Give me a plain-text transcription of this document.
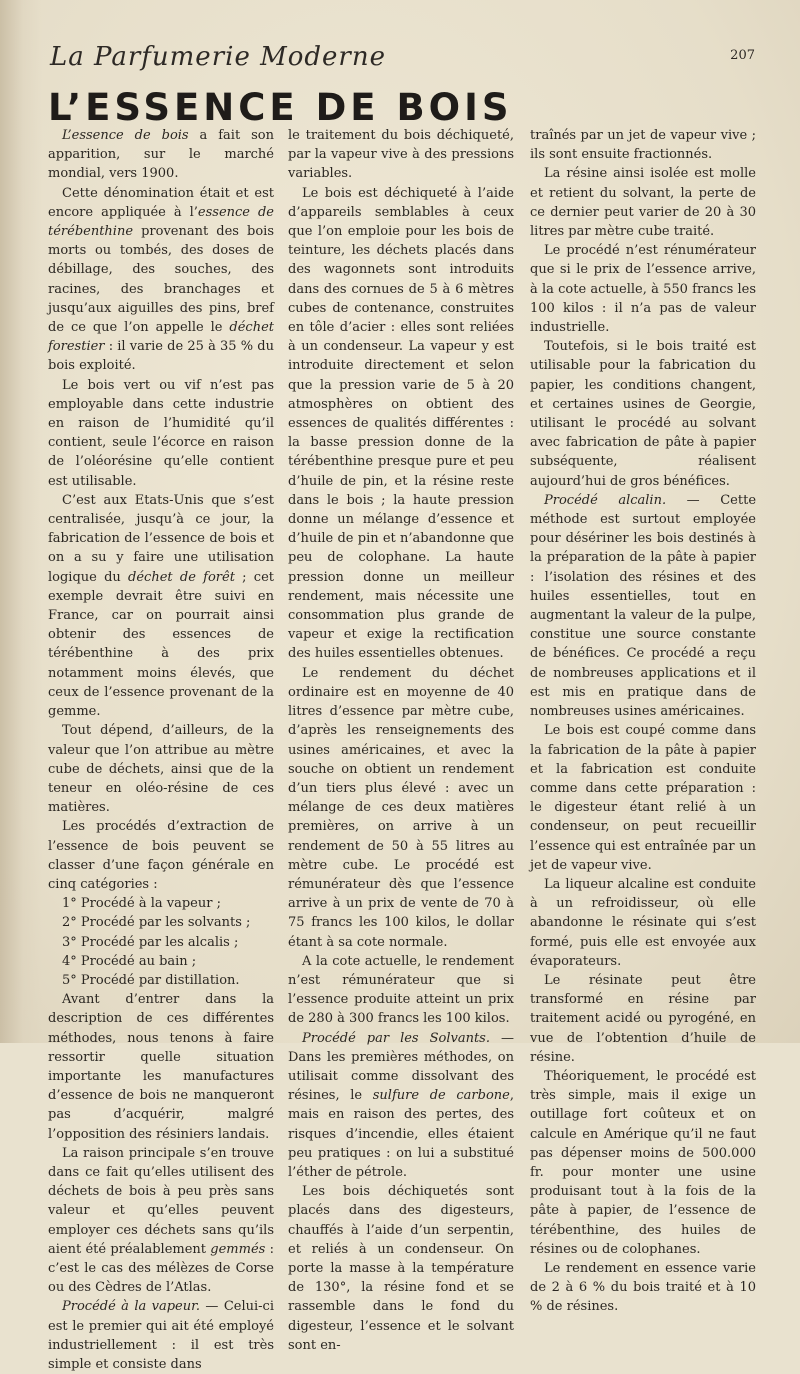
La Parfumerie Moderne	207
L’ESSENCE DE BOIS

L’essence de bois a fait son apparition, sur le marché mondial, vers 1900.

Cette dénomination était et est encore appliquée à l’essence de térébenthine provenant des bois morts ou tombés, des doses de débillage, des souches, des racines, des branchages et jusqu’aux aiguilles des pins, bref de ce que l’on appelle le déchet forestier : il varie de 25 à 35 % du bois exploité.

Le bois vert ou vif n’est pas employable dans cette industrie en raison de l’humidité qu’il contient, seule l’écorce en raison de l’oléorésine qu’elle contient est utilisable.

C’est aux Etats-Unis que s’est centralisée, jusqu’à ce jour, la fabrication de l’essence de bois et on a su y faire une utilisation logique du déchet de forêt ; cet exemple devrait être suivi en France, car on pourrait ainsi obtenir des essences de térébenthine à des prix notamment moins élevés, que ceux de l’essence provenant de la gemme.

Tout dépend, d’ailleurs, de la valeur que l’on attribue au mètre cube de déchets, ainsi que de la teneur en oléo-résine de ces matières.

Les procédés d’extraction de l’essence de bois peuvent se classer d’une façon générale en cinq catégories :

1° Procédé à la vapeur ;

2° Procédé par les solvants ;

3° Procédé par les alcalis ;

4° Procédé au bain ;

5° Procédé par distillation.

Avant d’entrer dans la description de ces différentes méthodes, nous tenons à faire ressortir quelle situation importante les manufactures d’essence de bois ne manqueront pas d’acquérir, malgré l’opposition des résiniers landais.

La raison principale s’en trouve dans ce fait qu’elles utilisent des déchets de bois à peu près sans valeur et qu’elles peuvent employer ces déchets sans qu’ils aient été préalablement gemmés : c’est le cas des mélèzes de Corse ou des Cèdres de l’Atlas.

Procédé à la vapeur. — Celui-ci est le premier qui ait été employé industriellement : il est très simple et consiste dans

le traitement du bois déchiqueté, par la vapeur vive à des pressions variables.

Le bois est déchiqueté à l’aide d’appareils semblables à ceux que l’on emploie pour les bois de teinture, les déchets placés dans des wagonnets sont introduits dans des cornues de 5 à 6 mètres cubes de contenance, construites en tôle d’acier : elles sont reliées à un condenseur. La vapeur y est introduite directement et selon que la pression varie de 5 à 20 atmosphères on obtient des essences de qualités différentes : la basse pression donne de la térébenthine presque pure et peu d’huile de pin, et la résine reste dans le bois ; la haute pression donne un mélange d’essence et d’huile de pin et n’abandonne que peu de colophane. La haute pression donne un meilleur rendement, mais nécessite une consommation plus grande de vapeur et exige la rectification des huiles essentielles obtenues.

Le rendement du déchet ordinaire est en moyenne de 40 litres d’essence par mètre cube, d’après les renseignements des usines américaines, et avec la souche on obtient un rendement d’un tiers plus élevé : avec un mélange de ces deux matières premières, on arrive à un rendement de 50 à 55 litres au mètre cube. Le procédé est rémunérateur dès que l’essence arrive à un prix de vente de 70 à 75 francs les 100 kilos, le dollar étant à sa cote normale.

A la cote actuelle, le rendement n’est rémunérateur que si l’essence produite atteint un prix de 280 à 300 francs les 100 kilos.

Procédé par les Solvants. — Dans les premières méthodes, on utilisait comme dissolvant des résines, le sulfure de carbone, mais en raison des pertes, des risques d’incendie, elles étaient peu pratiques : on lui a substitué l’éther de pétrole.

Les bois déchiquetés sont placés dans des digesteurs, chauffés à l’aide d’un serpentin, et reliés à un condenseur. On porte la masse à la température de 130°, la résine fond et se rassemble dans le fond du digesteur, l’essence et le solvant sont en-

traînés par un jet de vapeur vive ; ils sont ensuite fractionnés.

La résine ainsi isolée est molle et retient du solvant, la perte de ce dernier peut varier de 20 à 30 litres par mètre cube traité.

Le procédé n’est rénumérateur que si le prix de l’essence arrive, à la cote actuelle, à 550 francs les 100 kilos : il n’a pas de valeur industrielle.

Toutefois, si le bois traité est utilisable pour la fabrication du papier, les conditions changent, et certaines usines de Georgie, utilisant le procédé au solvant avec fabrication de pâte à papier subséquente, réalisent aujourd’hui de gros bénéfices.

Procédé alcalin. — Cette méthode est surtout employée pour désériner les bois destinés à la préparation de la pâte à papier : l’isolation des résines et des huiles essentielles, tout en augmentant la valeur de la pulpe, constitue une source constante de bénéfices. Ce procédé a reçu de nombreuses applications et il est mis en pratique dans de nombreuses usines américaines.

Le bois est coupé comme dans la fabrication de la pâte à papier et la fabrication est conduite comme dans cette préparation : le digesteur étant relié à un condenseur, on peut recueillir l’essence qui est entraînée par un jet de vapeur vive.

La liqueur alcaline est conduite à un refroidisseur, où elle abandonne le résinate qui s’est formé, puis elle est envoyée aux évaporateurs.

Le résinate peut être transformé en résine par traitement acidé ou pyrogéné, en vue de l’obtention d’huile de résine.

Théoriquement, le procédé est très simple, mais il exige un outillage fort coûteux et on calcule en Amérique qu’il ne faut pas dépenser moins de 500.000 fr. pour monter une usine produisant tout à la fois de la pâte à papier, de l’essence de térébenthine, des huiles de résines ou de colophanes.

Le rendement en essence varie de 2 à 6 % du bois traité et à 10 % de résines.
